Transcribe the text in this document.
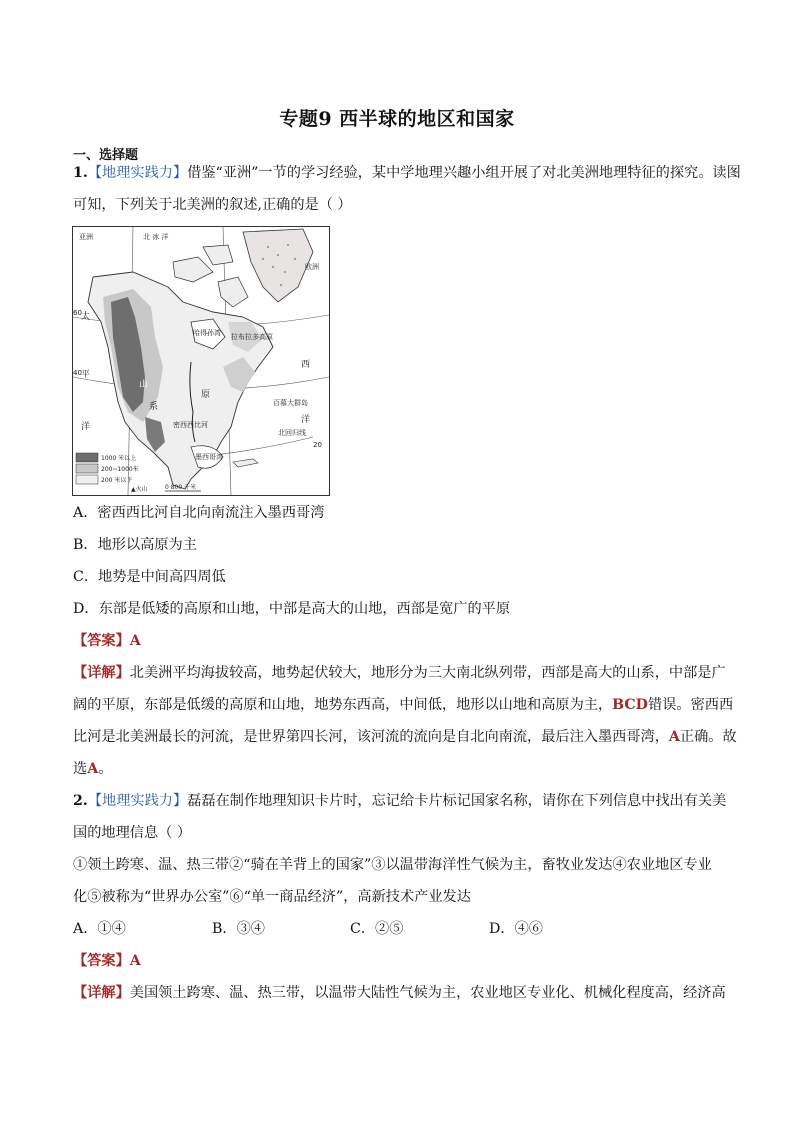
专题9 西半球的地区和国家
一、选择题
1.【地理实践力】借鉴“亚洲”一节的学习经验，某中学地理兴趣小组开展了对北美洲地理特征的探究。读图
可知，下列关于北美洲的叙述,正确的是（ ）
北 冰 洋
亚洲
欧洲
太
平
洋
西
洋
山
系
原
墨西哥湾
百慕大群岛
北回归线
60
40
20
哈得孙湾 拉布拉多高原
密西西比河
1000 米以上
200~1000米
200 米以下
▲火山	0 800 千米
A．密西西比河自北向南流注入墨西哥湾
B．地形以高原为主
C．地势是中间高四周低
D．东部是低矮的高原和山地，中部是高大的山地，西部是宽广的平原
【答案】A
【详解】北美洲平均海拔较高，地势起伏较大，地形分为三大南北纵列带，西部是高大的山系，中部是广
阔的平原，东部是低缓的高原和山地，地势东西高，中间低，地形以山地和高原为主，BCD错误。密西西
比河是北美洲最长的河流，是世界第四长河，该河流的流向是自北向南流，最后注入墨西哥湾，A正确。故
选A。
2.【地理实践力】磊磊在制作地理知识卡片时，忘记给卡片标记国家名称，请你在下列信息中找出有关美
国的地理信息（ ）
①领土跨寒、温、热三带②“骑在羊背上的国家”③以温带海洋性气候为主，畜牧业发达④农业地区专业
化⑤被称为“世界办公室”⑥“单一商品经济”，高新技术产业发达
A．①④	B．③④	C．②⑤	D．④⑥
【答案】A
【详解】美国领土跨寒、温、热三带，以温带大陆性气候为主，农业地区专业化、机械化程度高，经济高
